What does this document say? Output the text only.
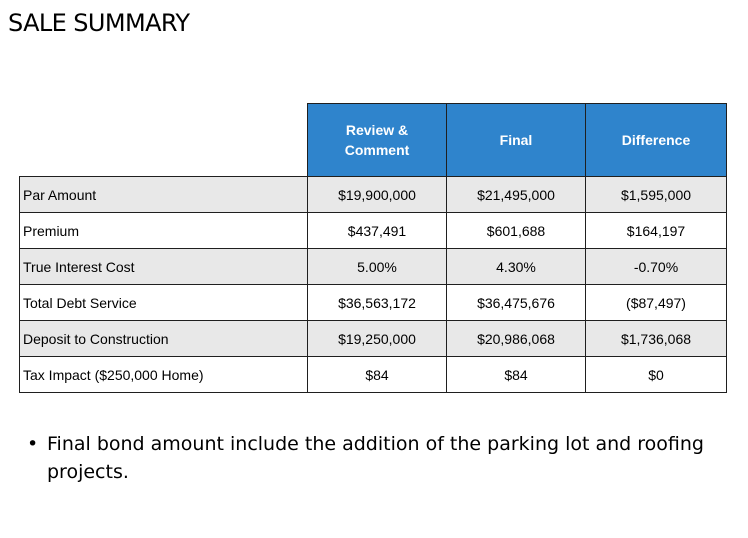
SALE SUMMARY
	Review & Comment	Final	Difference
Par Amount	$19,900,000	$21,495,000	$1,595,000
Premium	$437,491	$601,688	$164,197
True Interest Cost	5.00%	4.30%	-0.70%
Total Debt Service	$36,563,172	$36,475,676	($87,497)
Deposit to Construction	$19,250,000	$20,986,068	$1,736,068
Tax Impact ($250,000 Home)	$84	$84	$0
• Final bond amount include the addition of the parking lot and roofing projects.
